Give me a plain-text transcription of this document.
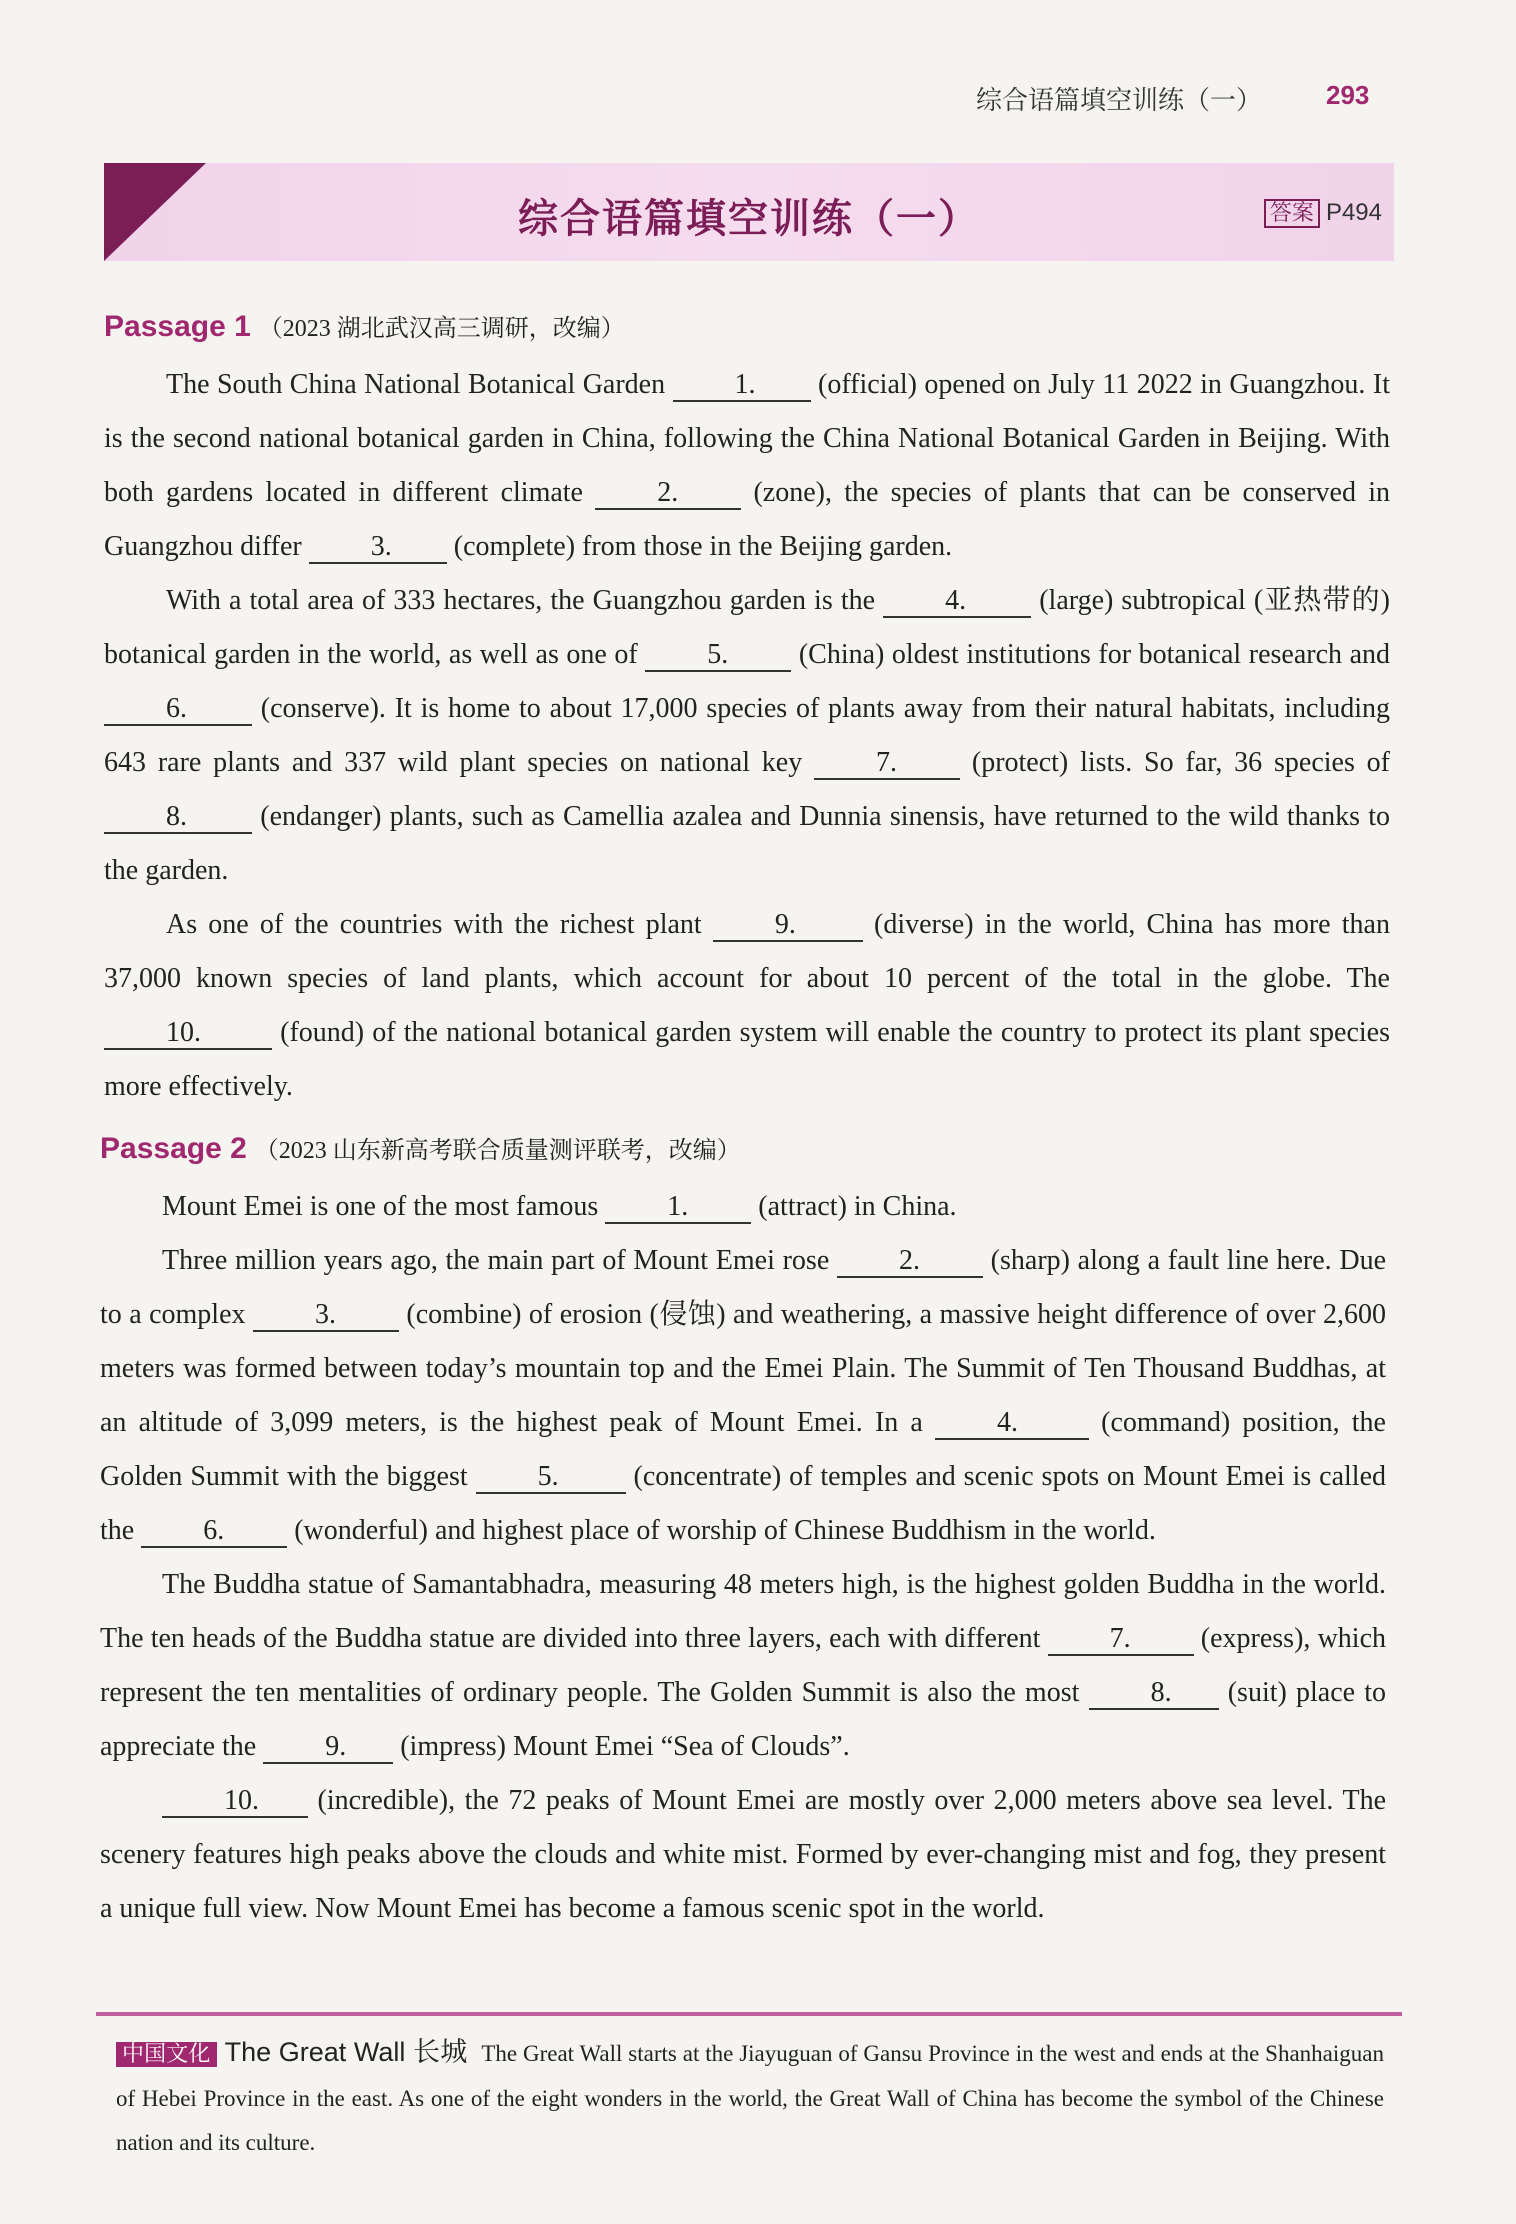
综合语篇填空训练（一） 293
综合语篇填空训练（一）	答案 P494
Passage 1 （2023 湖北武汉高三调研，改编）

The South China National Botanical Garden 1. (official) opened on July 11 2022 in Guangzhou. It is the second national botanical garden in China, following the China National Botanical Garden in Beijing. With both gardens located in different climate 2. (zone), the species of plants that can be conserved in Guangzhou differ 3. (complete) from those in the Beijing garden.

With a total area of 333 hectares, the Guangzhou garden is the 4. (large) subtropical (亚热带的) botanical garden in the world, as well as one of 5. (China) oldest institutions for botanical research and 6. (conserve). It is home to about 17,000 species of plants away from their natural habitats, including 643 rare plants and 337 wild plant species on national key 7. (protect) lists. So far, 36 species of 8. (endanger) plants, such as Camellia azalea and Dunnia sinensis, have returned to the wild thanks to the garden.

As one of the countries with the richest plant 9. (diverse) in the world, China has more than 37,000 known species of land plants, which account for about 10 percent of the total in the globe. The 10.	(found) of the national botanical garden system will enable the country to protect its plant species more effectively.

Passage 2 （2023 山东新高考联合质量测评联考，改编）

Mount Emei is one of the most famous 1. (attract) in China.

Three million years ago, the main part of Mount Emei rose 2. (sharp) along a fault line here. Due to a complex 3. (combine) of erosion (侵蚀) and weathering, a massive height difference of over 2,600 meters was formed between today’s mountain top and the Emei Plain. The Summit of Ten Thousand Buddhas, at an altitude of 3,099 meters, is the highest peak of Mount Emei. In a 4.	(command) position, the Golden Summit with the biggest 5. (concentrate) of temples and scenic spots on Mount Emei is called the 6. (wonderful) and highest place of worship of Chinese Buddhism in the world.

The Buddha statue of Samantabhadra, measuring 48 meters high, is the highest golden Buddha in the world. The ten heads of the Buddha statue are divided into three layers, each with different 7. (express), which represent the ten mentalities of ordinary people. The Golden Summit is also the most 8. (suit) place to appreciate the 9. (impress) Mount Emei “Sea of Clouds”.

10. (incredible), the 72 peaks of Mount Emei are mostly over 2,000 meters above sea level. The scenery features high peaks above the clouds and white mist. Formed by ever-changing mist and fog, they present a unique full view. Now Mount Emei has become a famous scenic spot in the world.

中国文化 The Great Wall 长城 The Great Wall starts at the Jiayuguan of Gansu Province in the west and ends at the Shanhaiguan of Hebei Province in the east. As one of the eight wonders in the world, the Great Wall of China has become the symbol of the Chinese nation and its culture.
